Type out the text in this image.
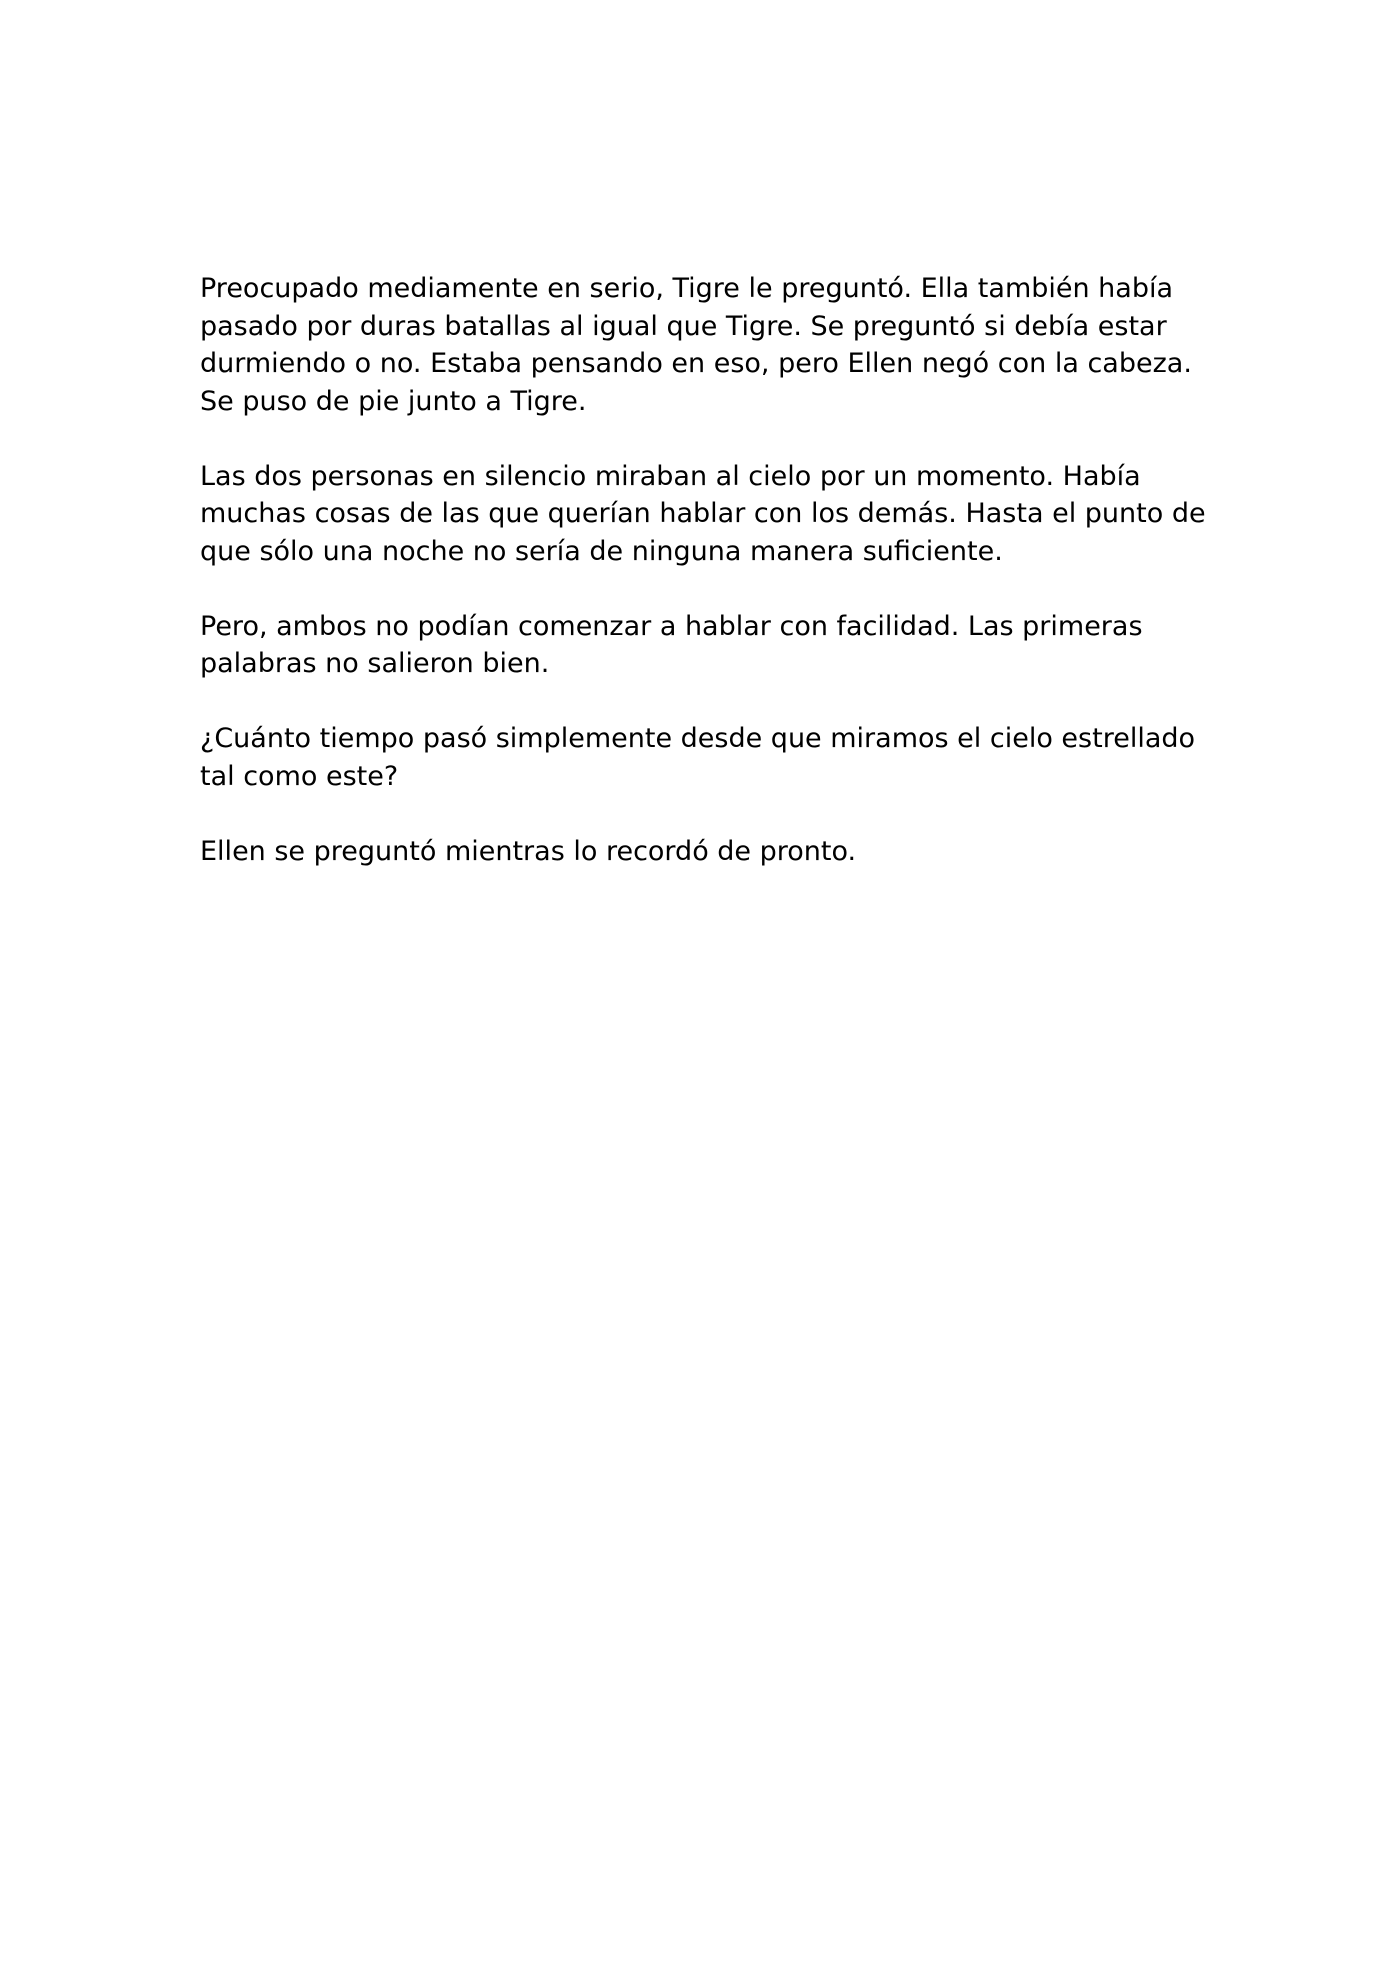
Preocupado mediamente en serio, Tigre le preguntó. Ella también había pasado por duras batallas al igual que Tigre. Se preguntó si debía estar durmiendo o no. Estaba pensando en eso, pero Ellen negó con la cabeza. Se puso de pie junto a Tigre.

Las dos personas en silencio miraban al cielo por un momento. Había muchas cosas de las que querían hablar con los demás. Hasta el punto de que sólo una noche no sería de ninguna manera suficiente.

Pero, ambos no podían comenzar a hablar con facilidad. Las primeras palabras no salieron bien.

¿Cuánto tiempo pasó simplemente desde que miramos el cielo estrellado tal como este?

Ellen se preguntó mientras lo recordó de pronto.
